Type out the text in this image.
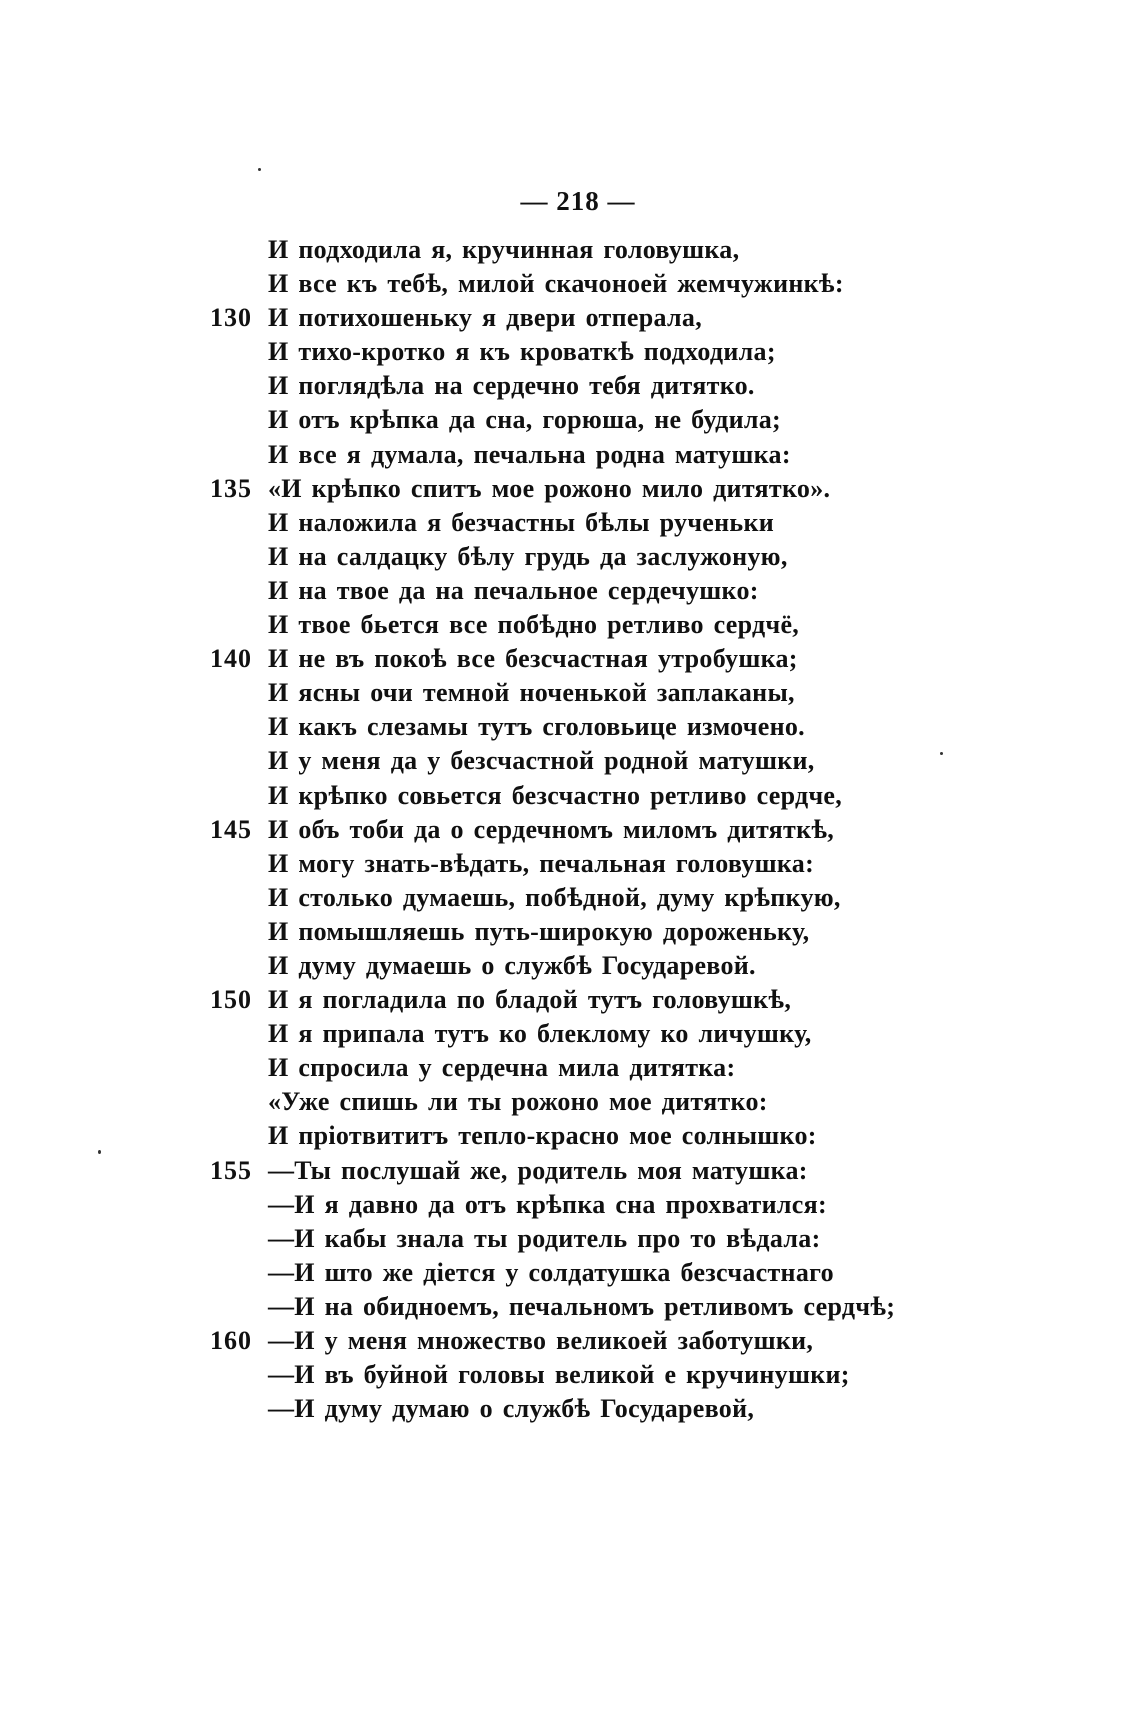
— 218 —
И подходила я, кручинная головушка,
И все къ тебѣ, милой скачоноей жемчужинкѣ:
130 И потихошеньку я двери отперала,
И тихо-кротко я къ кроваткѣ подходила;
И поглядѣла на сердечно тебя дитятко.
И отъ крѣпка да сна, горюша, не будила;
И все я думала, печальна родна матушка:
135 «И крѣпко спитъ мое рожоно мило дитятко».
И наложила я безчастны бѣлы рученьки
И на салдацку бѣлу грудь да заслужоную,
И на твое да на печальное сердечушко:
И твое бьется все побѣдно ретливо сердчё,
140 И не въ покоѣ все безсчастная утробушка;
И ясны очи темной ноченькой заплаканы,
И какъ слезамы тутъ сголовьице измочено.
И у меня да у безсчастной родной матушки,
И крѣпко совьется безсчастно ретливо сердче,
145 И объ тоби да о сердечномъ миломъ дитяткѣ,
И могу знать-вѣдать, печальная головушка:
И столько думаешь, побѣдной, думу крѣпкую,
И помышляешь путь-широкую дороженьку,
И думу думаешь о службѣ Государевой.
150 И я погладила по бладой тутъ головушкѣ,
И я припала тутъ ко блеклому ко личушку,
И спросила у сердечна мила дитятка:
«Уже спишь ли ты рожоно мое дитятко:
И пріотвититъ тепло-красно мое солнышко:
155 —Ты послушай же, родитель моя матушка:
—И я давно да отъ крѣпка сна прохватился:
—И кабы знала ты родитель про то вѣдала:
—И што же діется у солдатушка безсчастнаго
—И на обидноемъ, печальномъ ретливомъ сердчѣ;
160 —И у меня множество великоей заботушки,
—И въ буйной головы великой е кручинушки;
—И думу думаю о службѣ Государевой,
